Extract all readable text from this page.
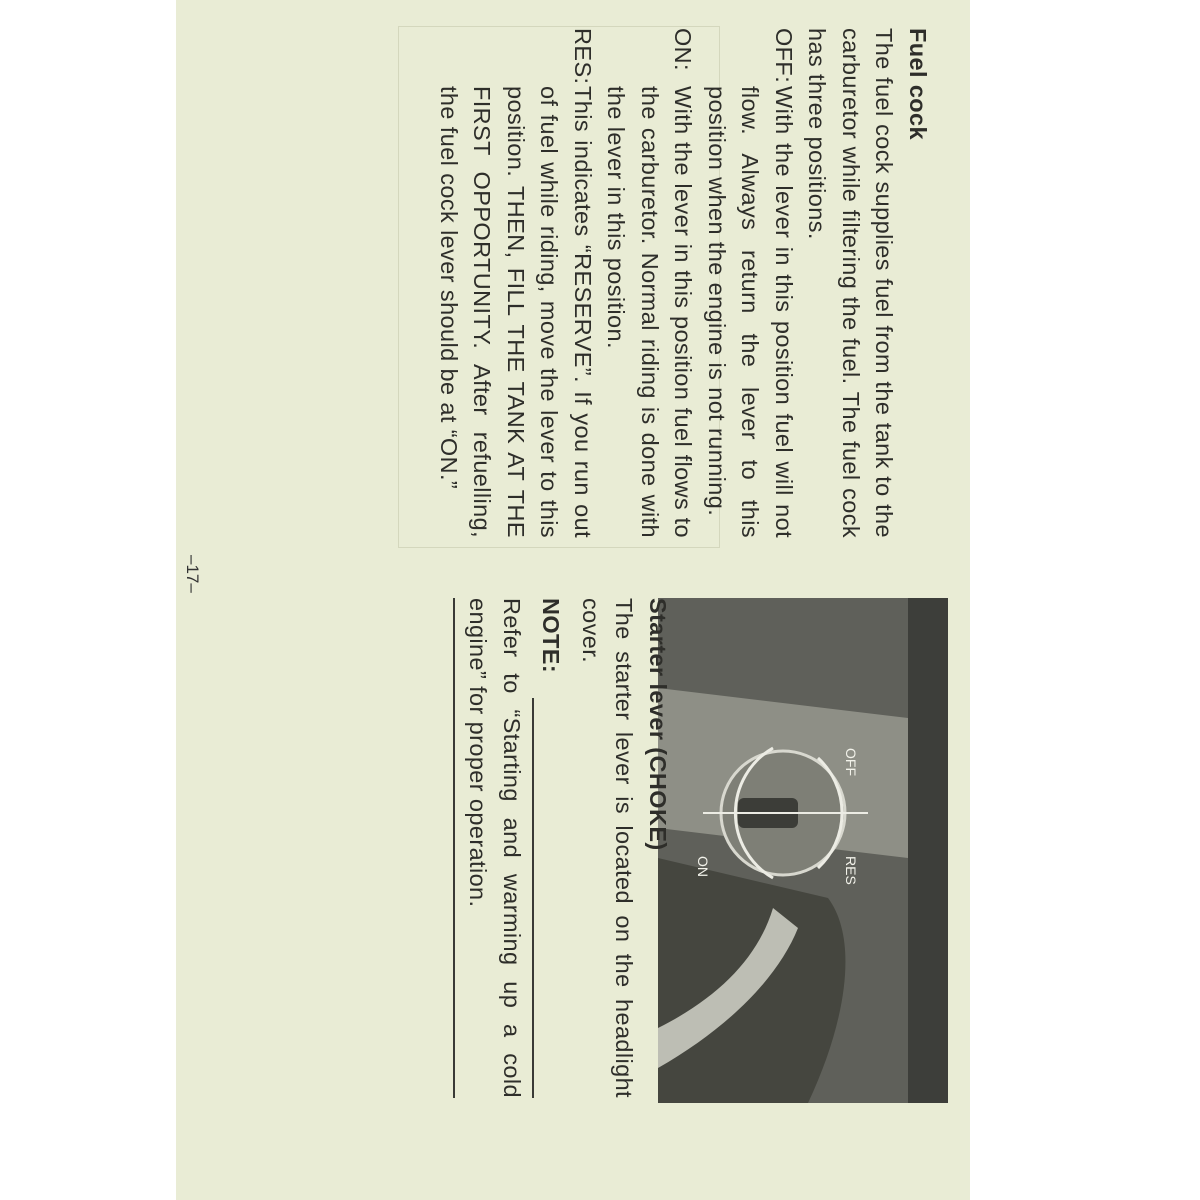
Fuel cock

The fuel cock supplies fuel from the tank to the carburetor while filtering the fuel. The fuel cock has three positions.

OFF:
With the lever in this position fuel will not flow. Always return the lever to this position when the engine is not running.
ON:
With the lever in this position fuel flows to the carburetor. Normal riding is done with the lever in this position.
RES:
This indicates “RESERVE”. If you run out of fuel while riding, move the lever to this position. THEN, FILL THE TANK AT THE FIRST OPPORTUNITY. After refuelling, the fuel cock lever should be at “ON.”
OFF
RES
ON

Starter lever (CHOKE)

The starter lever is located on the headlight cover.

NOTE:

Refer to “Starting and warming up a cold engine” for proper operation.

–17–
